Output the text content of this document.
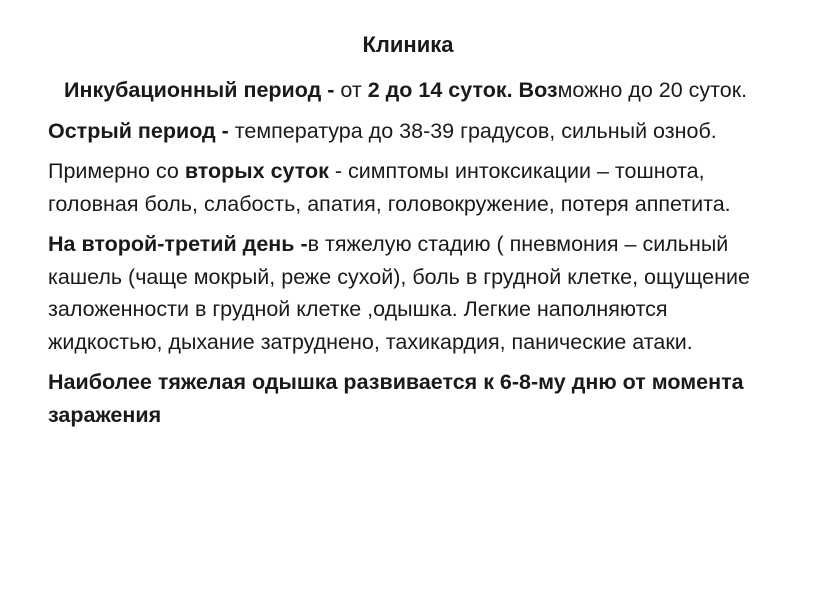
Клиника

Инкубационный период - от 2 до 14 суток. Возможно до 20 суток.

Острый период - температура до 38-39 градусов, сильный озноб.

Примерно со вторых суток - симптомы интоксикации – тошнота, головная боль, слабость, апатия, головокружение, потеря аппетита.

На второй-третий день -в тяжелую стадию ( пневмония – сильный кашель (чаще мокрый, реже сухой), боль в грудной клетке, ощущение заложенности в грудной клетке ,одышка. Легкие наполняются жидкостью, дыхание затруднено, тахикардия, панические атаки.

Наиболее тяжелая одышка развивается к 6-8-му дню от момента заражения
